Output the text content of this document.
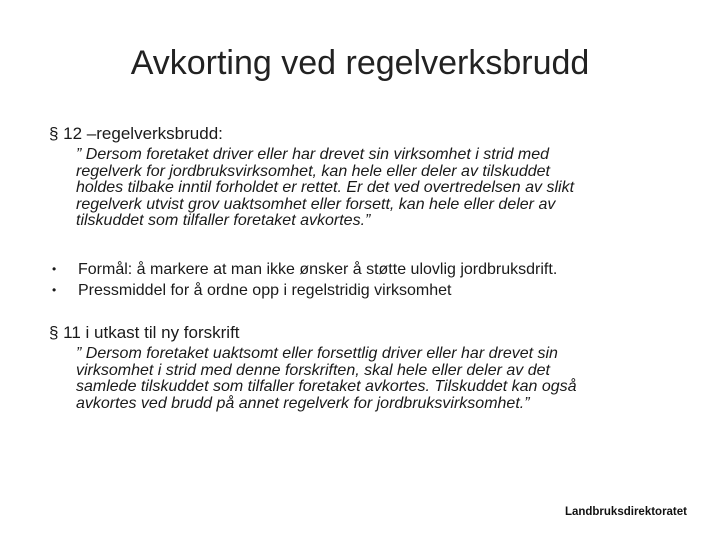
Avkorting ved regelverksbrudd
§ 12 –regelverksbrudd:
” Dersom foretaket driver eller har drevet sin virksomhet i strid med
regelverk for jordbruksvirksomhet, kan hele eller deler av tilskuddet
holdes tilbake inntil forholdet er rettet. Er det ved overtredelsen av slikt
regelverk utvist grov uaktsomhet eller forsett, kan hele eller deler av
tilskuddet som tilfaller foretaket avkortes.”
• Formål: å markere at man ikke ønsker å støtte ulovlig jordbruksdrift.
• Pressmiddel for å ordne opp i regelstridig virksomhet
§ 11 i utkast til ny forskrift
” Dersom foretaket uaktsomt eller forsettlig driver eller har drevet sin
virksomhet i strid med denne forskriften, skal hele eller deler av det
samlede tilskuddet som tilfaller foretaket avkortes. Tilskuddet kan også
avkortes ved brudd på annet regelverk for jordbruksvirksomhet.”
Landbruksdirektoratet
